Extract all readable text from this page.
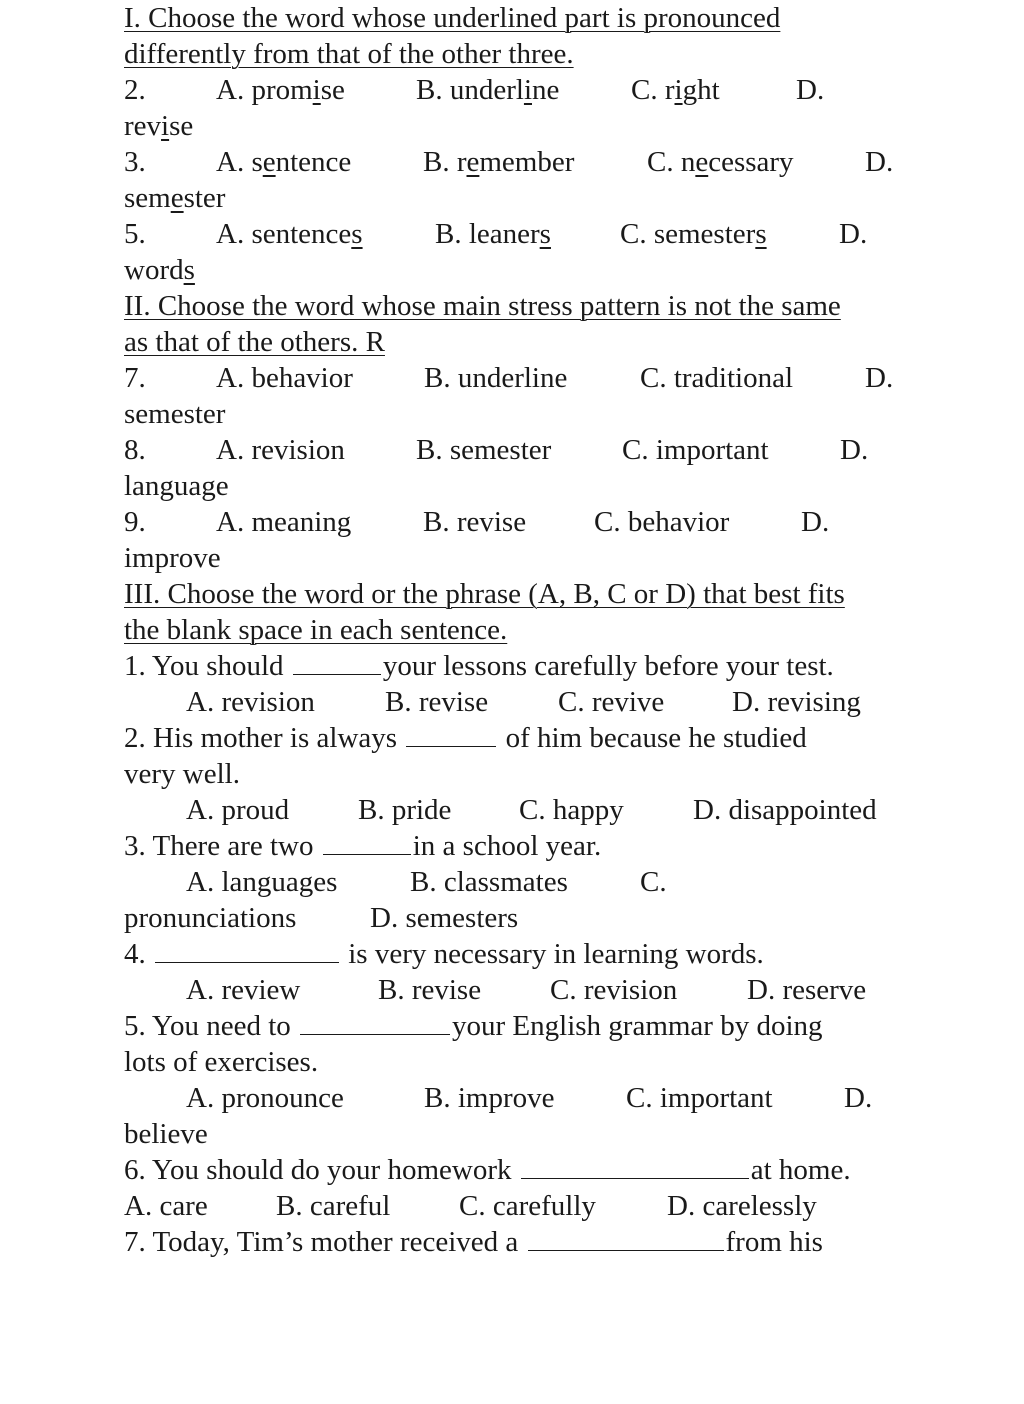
I. Choose the word whose underlined part is pronounced
differently from that of the other three.

2.

A. promise

B. underline

C. right

	D.

revise

3.

A. sentence

B. remember

	C. necessary

D.

semester

5.

A. sentences

B. leaners

C. semesters

D.

words
II. Choose the word whose main stress pattern is not the same
as that of the others. R

7.

A. behavior

B. underline

	C. traditional

D.

semester

8.

A. revision

B. semester

C. important

D.

language

9.

A. meaning

B. revise

C. behavior

D.

improve
III. Choose the word or the phrase (A, B, C or D) that best fits
the blank space in each sentence.
1. You should	your lessons carefully before your test.

A. revision

B. revise

C. revive

D. revising

2. His mother is always	of him because he studied
very well.

A. proud

B. pride

C. happy

D. disappointed

3. There are two	in a school year.

A. languages

	B. classmates

C.

pronunciations

	D. semesters

4.	is very necessary in learning words.

A. review

	B. revise

C. revision

D. reserve

5. You need to	your English grammar by doing
lots of exercises.

A. pronounce

	B. improve

C. important

D.

believe
6. You should do your homework	at home.

A. care

B. careful

C. carefully

D. carelessly

7. Today, Tim’s mother received a	from his
